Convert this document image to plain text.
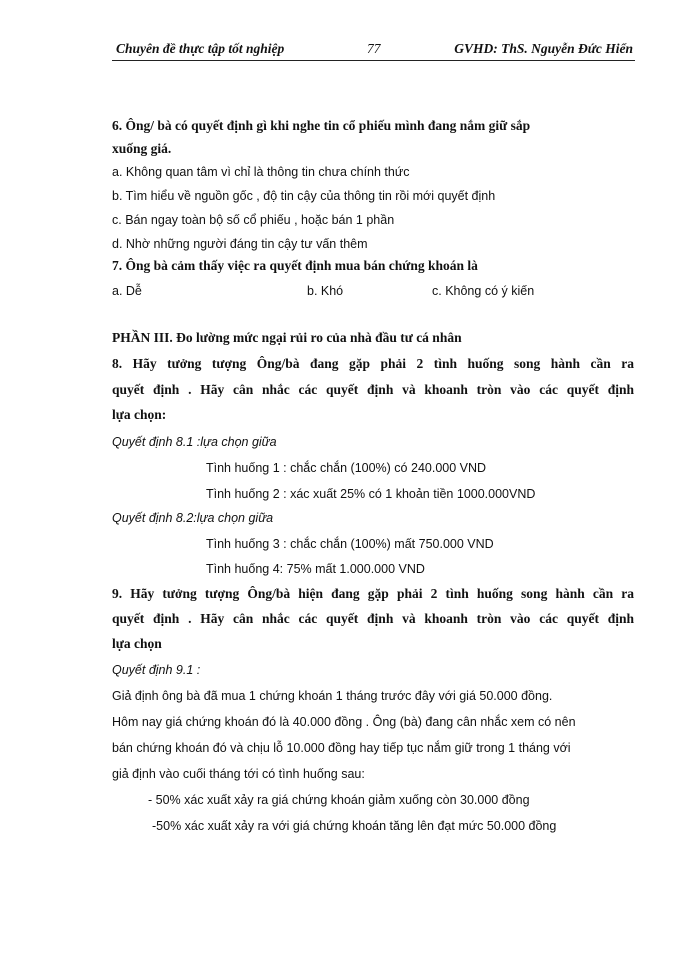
Chuyên đề thực tập tốt nghiệp	77	GVHD: ThS. Nguyễn Đức Hiển
6. Ông/ bà có quyết định gì khi nghe tin cổ phiếu mình đang nắm giữ sắp
xuống giá.
a. Không quan tâm vì chỉ là thông tin chưa chính thức
b. Tìm hiểu về nguồn gốc , độ tin cậy của thông tin rồi mới quyết định
c. Bán ngay toàn bộ số cổ phiếu , hoặc bán 1 phần
d. Nhờ những người đáng tin cậy tư vấn thêm
7. Ông bà cảm thấy việc ra quyết định mua bán chứng khoán là
a. Dễ	b. Khó	c. Không có ý kiến
PHẦN III. Đo lường mức ngại rủi ro của nhà đầu tư cá nhân
8. Hãy tưởng tượng Ông/bà đang gặp phải 2 tình huống song hành cần ra
quyết định . Hãy cân nhắc các quyết định và khoanh tròn vào các quyết định
lựa chọn:
Quyết định 8.1 :lựa chọn giữa
Tình huống 1 : chắc chắn (100%) có 240.000 VND
Tình huống 2 : xác xuất 25% có 1 khoản tiền 1000.000VND
Quyết định 8.2:lựa chọn giữa
Tình huống 3 : chắc chắn (100%) mất 750.000 VND
Tình huống 4: 75% mất 1.000.000 VND
9. Hãy tưởng tượng Ông/bà hiện đang gặp phải 2 tình huống song hành cần ra
quyết định . Hãy cân nhắc các quyết định và khoanh tròn vào các quyết định
lựa chọn
Quyết định 9.1 :
Giả định ông bà đã mua 1 chứng khoán 1 tháng trước đây với giá 50.000 đồng.
Hôm nay giá chứng khoán đó là 40.000 đồng . Ông (bà) đang cân nhắc xem có nên
bán chứng khoán đó và chịu lỗ 10.000 đồng hay tiếp tục nắm giữ trong 1 tháng với
giả định vào cuối tháng tới có tình huống sau:
- 50% xác xuất xảy ra giá chứng khoán giảm xuống còn 30.000 đồng
-50% xác xuất xảy ra với giá chứng khoán tăng lên đạt mức 50.000 đồng
